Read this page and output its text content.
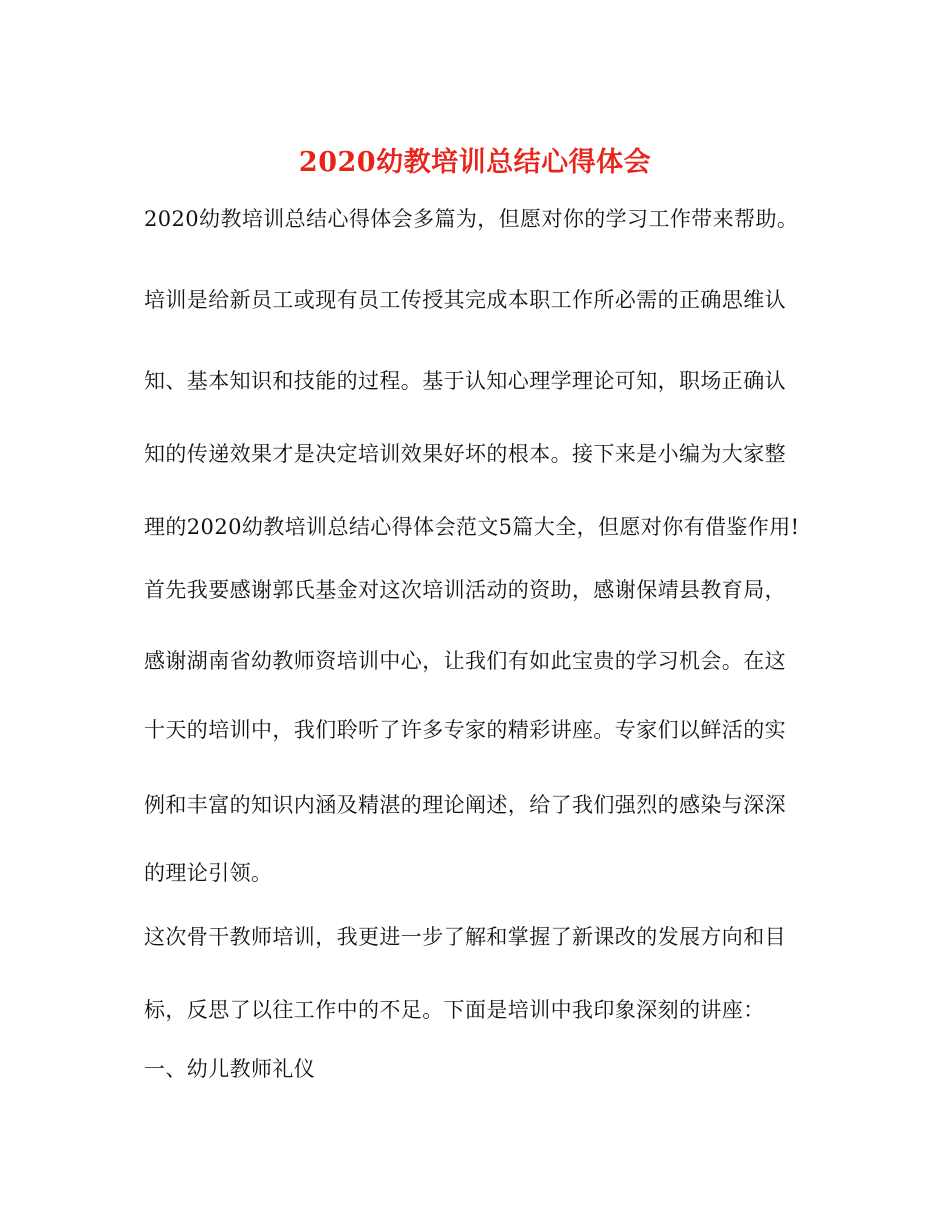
2020幼教培训总结心得体会
2020幼教培训总结心得体会多篇为，但愿对你的学习工作带来帮助。
培训是给新员工或现有员工传授其完成本职工作所必需的正确思维认
知、基本知识和技能的过程。基于认知心理学理论可知，职场正确认
知的传递效果才是决定培训效果好坏的根本。接下来是小编为大家整
理的2020幼教培训总结心得体会范文5篇大全，但愿对你有借鉴作用!
首先我要感谢郭氏基金对这次培训活动的资助，感谢保靖县教育局，
感谢湖南省幼教师资培训中心，让我们有如此宝贵的学习机会。在这
十天的培训中，我们聆听了许多专家的精彩讲座。专家们以鲜活的实
例和丰富的知识内涵及精湛的理论阐述，给了我们强烈的感染与深深
的理论引领。
这次骨干教师培训，我更进一步了解和掌握了新课改的发展方向和目
标，反思了以往工作中的不足。下面是培训中我印象深刻的讲座：
一、幼儿教师礼仪
